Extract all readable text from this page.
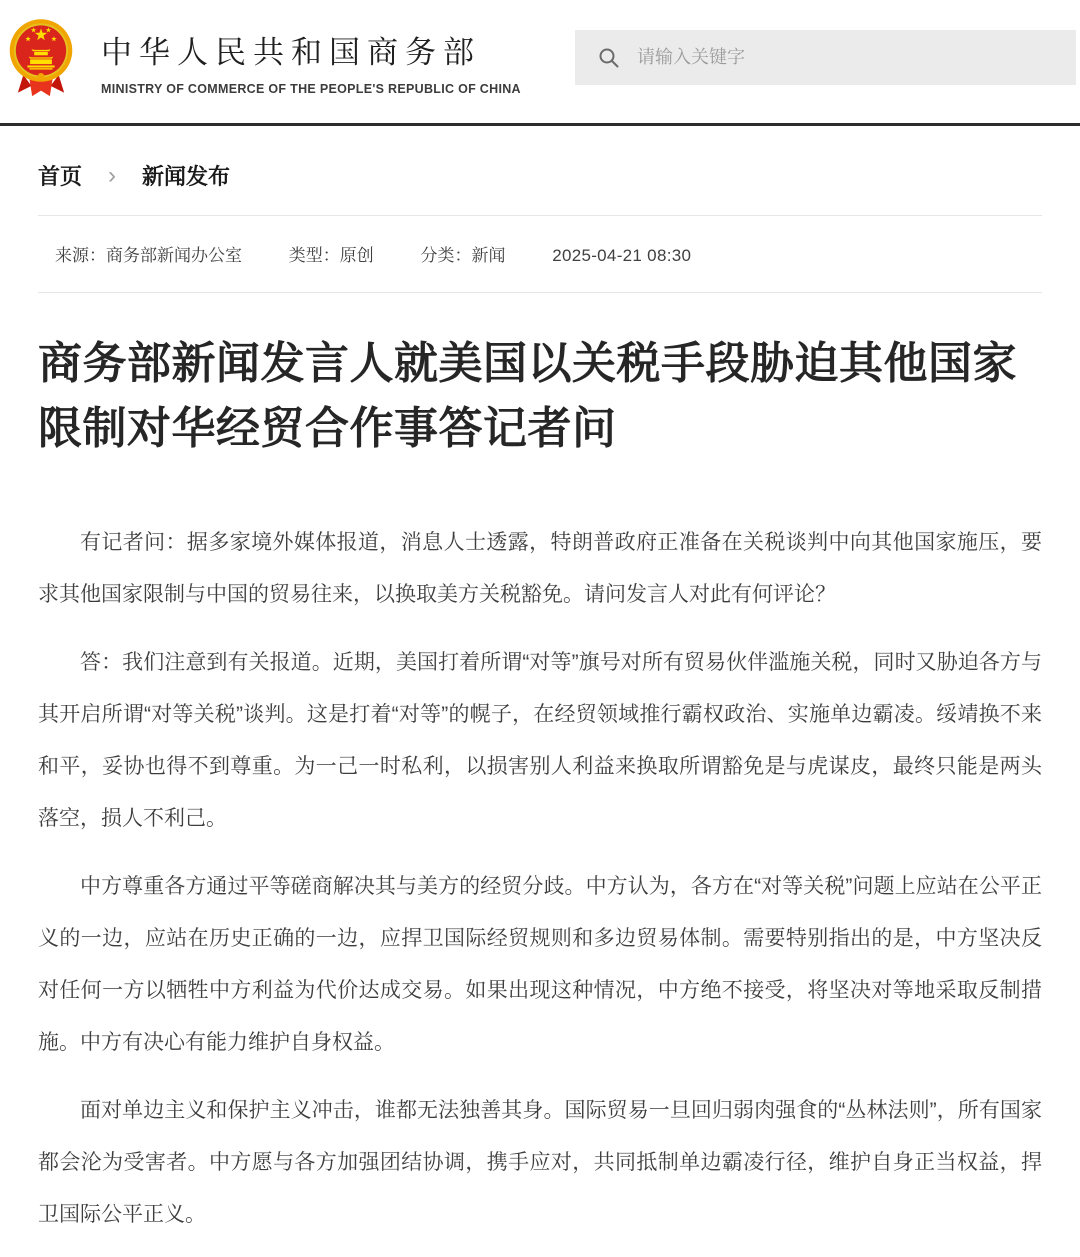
中华人民共和国商务部
MINISTRY OF COMMERCE OF THE PEOPLE'S REPUBLIC OF CHINA
请输入关键字
首页 › 新闻发布
来源：商务部新闻办公室	类型：原创	分类：新闻	2025-04-21 08:30
商务部新闻发言人就美国以关税手段胁迫其他国家限制对华经贸合作事答记者问

有记者问：据多家境外媒体报道，消息人士透露，特朗普政府正准备在关税谈判中向其他国家施压，要求其他国家限制与中国的贸易往来，以换取美方关税豁免。请问发言人对此有何评论？

答：我们注意到有关报道。近期，美国打着所谓“对等”旗号对所有贸易伙伴滥施关税，同时又胁迫各方与其开启所谓“对等关税”谈判。这是打着“对等”的幌子，在经贸领域推行霸权政治、实施单边霸凌。绥靖换不来和平，妥协也得不到尊重。为一己一时私利，以损害别人利益来换取所谓豁免是与虎谋皮，最终只能是两头落空，损人不利己。

中方尊重各方通过平等磋商解决其与美方的经贸分歧。中方认为，各方在“对等关税”问题上应站在公平正义的一边，应站在历史正确的一边，应捍卫国际经贸规则和多边贸易体制。需要特别指出的是，中方坚决反对任何一方以牺牲中方利益为代价达成交易。如果出现这种情况，中方绝不接受，将坚决对等地采取反制措施。中方有决心有能力维护自身权益。

面对单边主义和保护主义冲击，谁都无法独善其身。国际贸易一旦回归弱肉强食的“丛林法则”，所有国家都会沦为受害者。中方愿与各方加强团结协调，携手应对，共同抵制单边霸凌行径，维护自身正当权益，捍卫国际公平正义。
